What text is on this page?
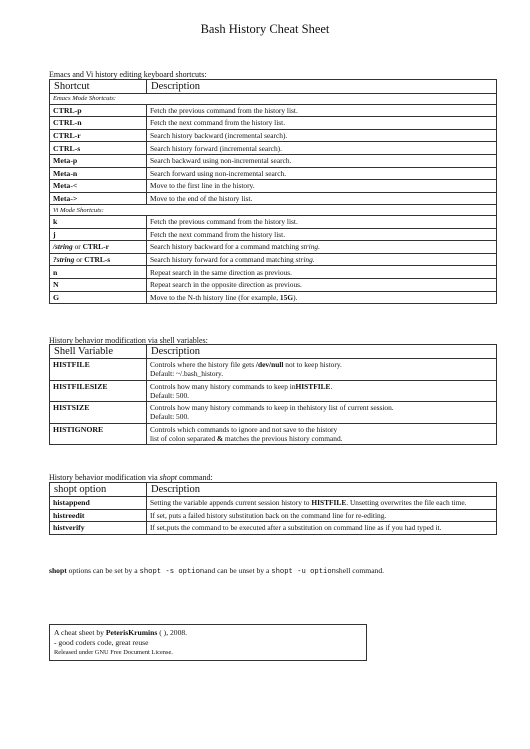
Bash History Cheat Sheet
Emacs and Vi history editing keyboard shortcuts:
Shortcut	Description
Emacs Mode Shortcuts:	
CTRL-p	Fetch the previous command from the history list.
CTRL-n	Fetch the next command from the history list.
CTRL-r	Search history backward (incremental search).
CTRL-s	Search history forward (incremental search).
Meta-p	Search backward using non-incremental search.
Meta-n	Search forward using non-incremental search.
Meta-<	Move to the first line in the history.
Meta->	Move to the end of the history list.
Vi Mode Shortcuts:	
k	Fetch the previous command from the history list.
j	Fetch the next command from the history list.
/string or CTRL-r	Search history backward for a command matching string.
?string or CTRL-s	Search history forward for a command matching string.
n	Repeat search in the same direction as previous.
N	Repeat search in the opposite direction as previous.
G	Move to the N-th history line (for example, 15G).
History behavior modification via shell variables:
Shell Variable	Description
HISTFILE	Controls where the history file gets /dev/null not to keep history.
Default: ~/.bash_history.

HISTFILESIZE	Controls how many history commands to keep inHISTFILE.
Default: 500.

HISTSIZE	Controls how many history commands to keep in thehistory list of current session.
Default: 500.

HISTIGNORE	Controls which commands to ignore and not save to the history
list of colon separated & matches the previous history command.
History behavior modification via shopt command:
shopt option	Description
histappend	Setting the variable appends current session history to HISTFILE. Unsetting overwrites the file each time.
histreedit	If set, puts a failed history substitution back on the command line for re-editing.
histverify	If set,puts the command to be executed after a substitution on command line as if you had typed it.
shopt options can be set by a shopt -s optionand can be unset by a shopt -u optionshell command.
A cheat sheet by PeterisKrumins ( ), 2008.
- good coders code, great reuse
Released under GNU Free Document License.
